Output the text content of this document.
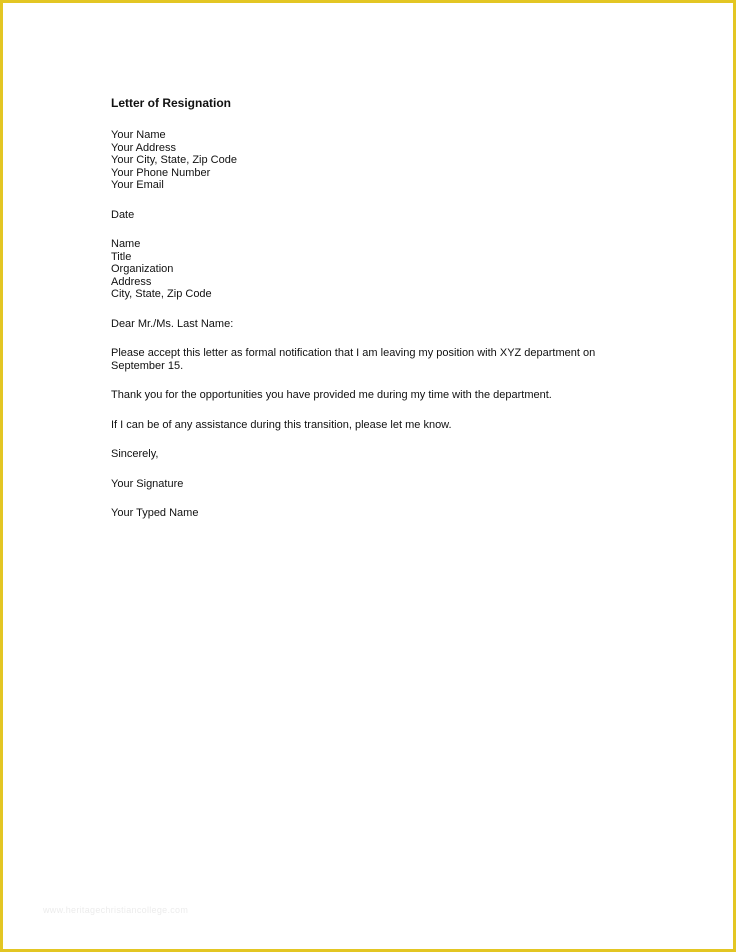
Letter of Resignation
Your Name
Your Address
Your City, State, Zip Code
Your Phone Number
Your Email
Date
Name
Title
Organization
Address
City, State, Zip Code
Dear Mr./Ms. Last Name:
Please accept this letter as formal notification that I am leaving my position with XYZ department on September 15.
Thank you for the opportunities you have provided me during my time with the department.
If I can be of any assistance during this transition, please let me know.
Sincerely,
Your Signature
Your Typed Name
www.heritagechristiancollege.com
